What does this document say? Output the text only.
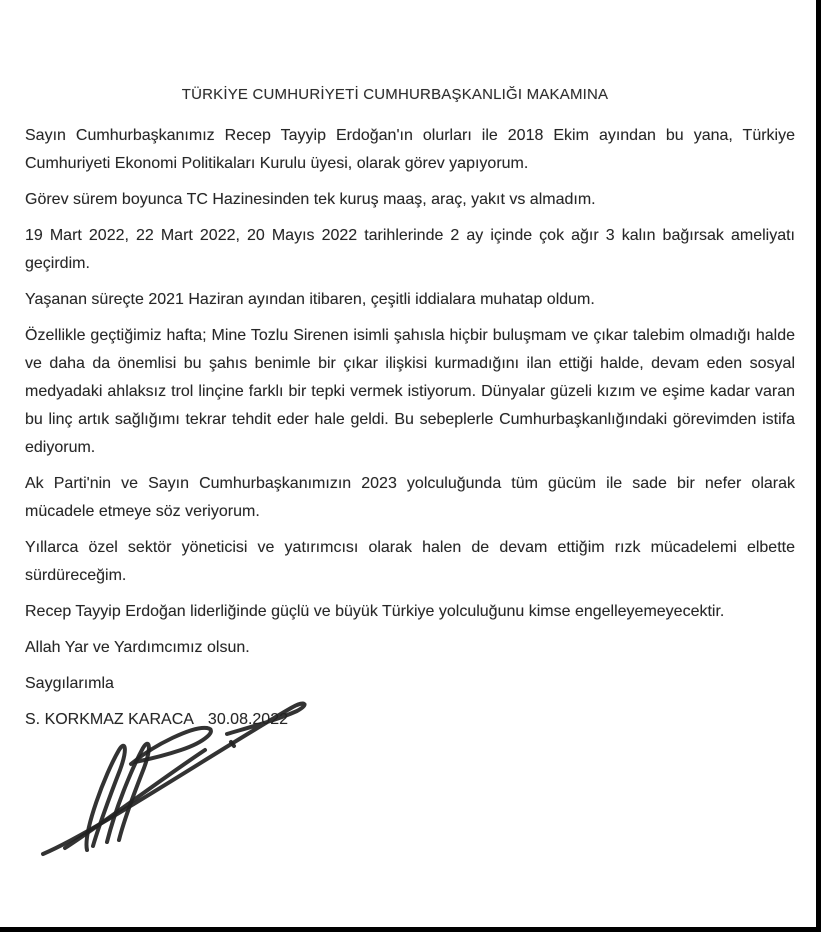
TÜRKİYE CUMHURİYETİ CUMHURBAŞKANLIĞI MAKAMINA

Sayın Cumhurbaşkanımız Recep Tayyip Erdoğan'ın olurları ile 2018 Ekim ayından bu yana, Türkiye Cumhuriyeti Ekonomi Politikaları Kurulu üyesi, olarak görev yapıyorum.

Görev sürem boyunca TC Hazinesinden tek kuruş maaş, araç, yakıt vs almadım.

19 Mart 2022, 22 Mart 2022, 20 Mayıs 2022 tarihlerinde 2 ay içinde çok ağır 3 kalın bağırsak ameliyatı geçirdim.

Yaşanan süreçte 2021 Haziran ayından itibaren, çeşitli iddialara muhatap oldum.

Özellikle geçtiğimiz hafta; Mine Tozlu Sirenen isimli şahısla hiçbir buluşmam ve çıkar talebim olmadığı halde ve daha da önemlisi bu şahıs benimle bir çıkar ilişkisi kurmadığını ilan ettiği halde, devam eden sosyal medyadaki ahlaksız trol linçine farklı bir tepki vermek istiyorum. Dünyalar güzeli kızım ve eşime kadar varan bu linç artık sağlığımı tekrar tehdit eder hale geldi. Bu sebeplerle Cumhurbaşkanlığındaki görevimden istifa ediyorum.

Ak Parti'nin ve Sayın Cumhurbaşkanımızın 2023 yolculuğunda tüm gücüm ile sade bir nefer olarak mücadele etmeye söz veriyorum.

Yıllarca özel sektör yöneticisi ve yatırımcısı olarak halen de devam ettiğim rızk mücadelemi elbette sürdüreceğim.

Recep Tayyip Erdoğan liderliğinde güçlü ve büyük Türkiye yolculuğunu kimse engelleyemeyecektir.

Allah Yar ve Yardımcımız olsun.

Saygılarımla

S. KORKMAZ KARACA 30.08.2022
